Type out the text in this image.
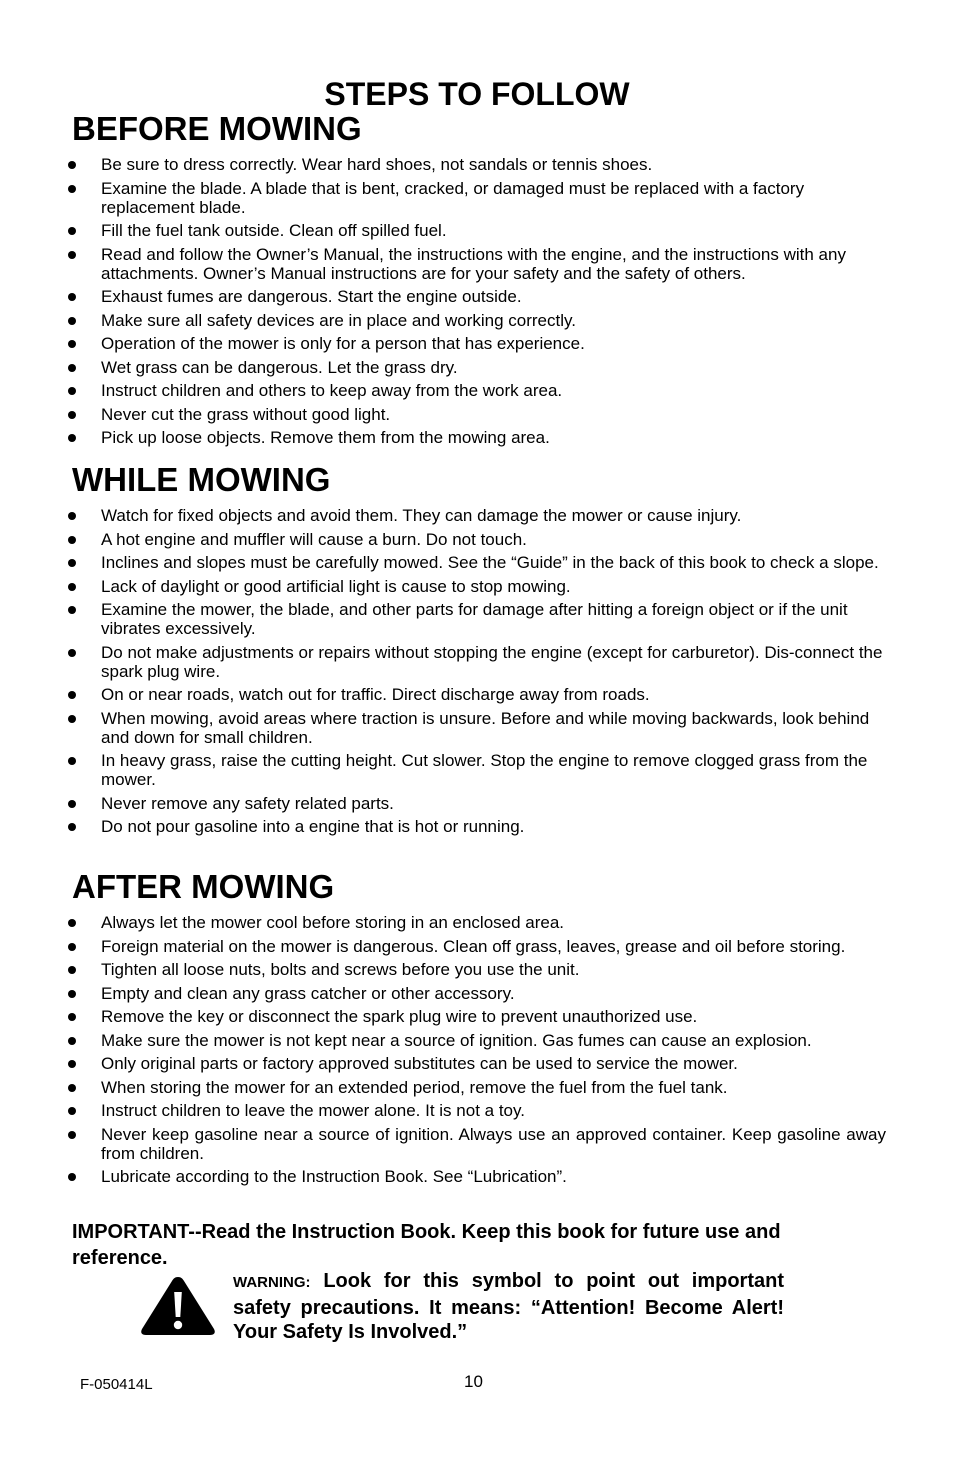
STEPS TO FOLLOW
BEFORE MOWING
Be sure to dress correctly. Wear hard shoes, not sandals or tennis shoes.
Examine the blade. A blade that is bent, cracked, or damaged must be replaced with a factory replacement blade.
Fill the fuel tank outside. Clean off spilled fuel.
Read and follow the Owner’s Manual, the instructions with the engine, and the instructions with any attachments. Owner’s Manual instructions are for your safety and the safety of others.
Exhaust fumes are dangerous. Start the engine outside.
Make sure all safety devices are in place and working correctly.
Operation of the mower is only for a person that has experience.
Wet grass can be dangerous. Let the grass dry.
Instruct children and others to keep away from the work area.
Never cut the grass without good light.
Pick up loose objects. Remove them from the mowing area.
WHILE MOWING
Watch for fixed objects and avoid them. They can damage the mower or cause injury.
A hot engine and muffler will cause a burn. Do not touch.
Inclines and slopes must be carefully mowed. See the “Guide” in the back of this book to check a slope.
Lack of daylight or good artificial light is cause to stop mowing.
Examine the mower, the blade, and other parts for damage after hitting a foreign object or if the unit vibrates excessively.
Do not make adjustments or repairs without stopping the engine (except for carburetor). Dis-connect the spark plug wire.
On or near roads, watch out for traffic. Direct discharge away from roads.
When mowing, avoid areas where traction is unsure. Before and while moving backwards, look behind and down for small children.
In heavy grass, raise the cutting height. Cut slower. Stop the engine to remove clogged grass from the mower.
Never remove any safety related parts.
Do not pour gasoline into a engine that is hot or running.
AFTER MOWING
Always let the mower cool before storing in an enclosed area.
Foreign material on the mower is dangerous. Clean off grass, leaves, grease and oil before storing.
Tighten all loose nuts, bolts and screws before you use the unit.
Empty and clean any grass catcher or other accessory.
Remove the key or disconnect the spark plug wire to prevent unauthorized use.
Make sure the mower is not kept near a source of ignition. Gas fumes can cause an explosion.
Only original parts or factory approved substitutes can be used to service the mower.
When storing the mower for an extended period, remove the fuel from the fuel tank.
Instruct children to leave the mower alone. It is not a toy.
Never keep gasoline near a source of ignition. Always use an approved container. Keep gasoline away from children.
Lubricate according to the Instruction Book. See “Lubrication”.

IMPORTANT--Read the Instruction Book. Keep this book for future use and reference.

WARNING: Look for this symbol to point out important safety precautions. It means: “Attention! Become Alert! Your Safety Is Involved.”

F-050414L	10
